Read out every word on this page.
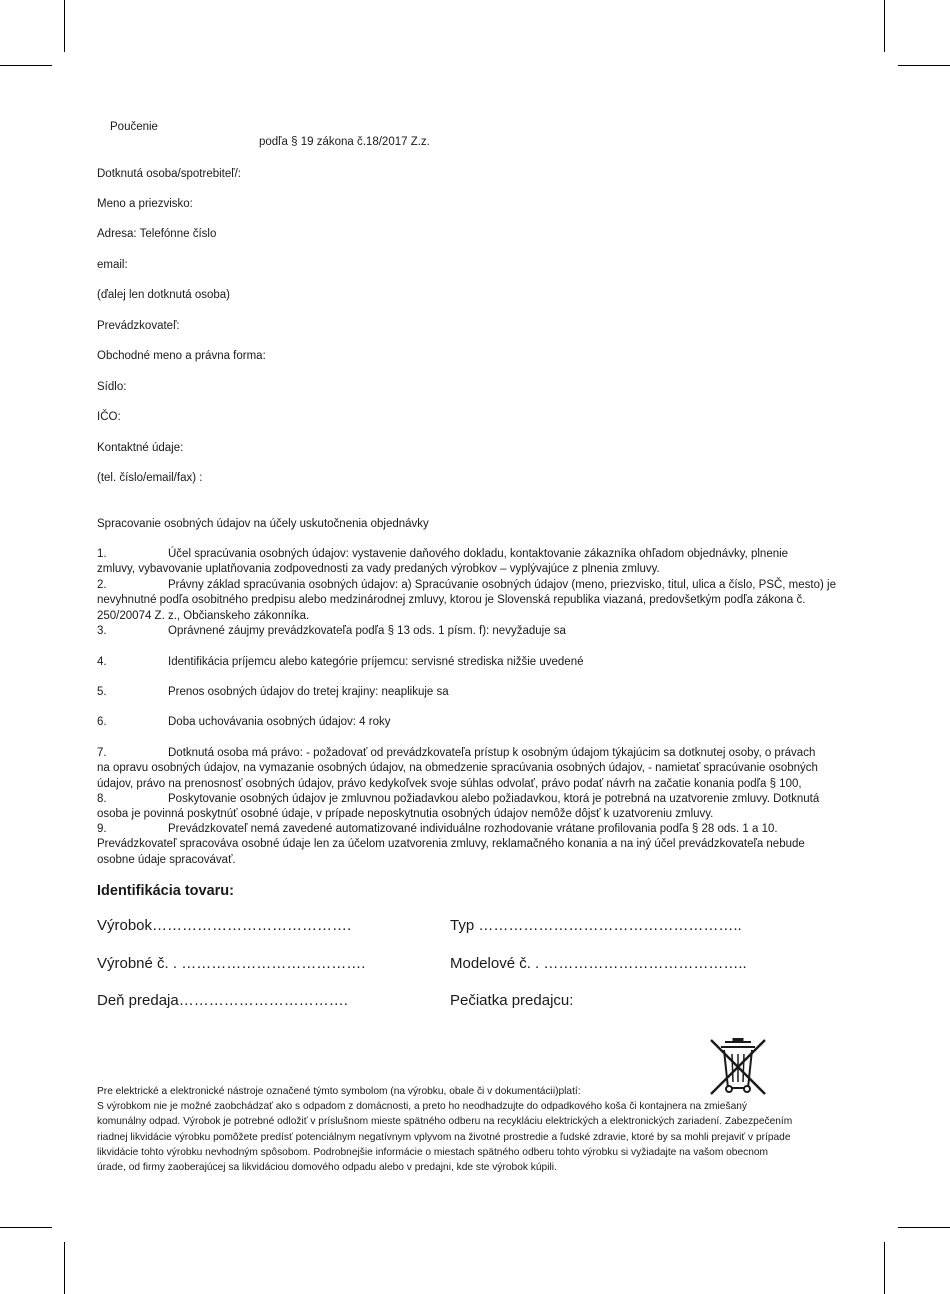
Poučenie
podľa § 19 zákona č.18/2017 Z.z.
Dotknutá osoba/spotrebiteľ/:
Meno a priezvisko:
Adresa: Telefónne číslo
email:
(ďalej len dotknutá osoba)
Prevádzkovateľ:
Obchodné meno a právna forma:
Sídlo:
IČO:
Kontaktné údaje:
(tel. číslo/email/fax) :
Spracovanie osobných údajov na účely uskutočnenia objednávky
1.	Účel spracúvania osobných údajov: vystavenie daňového dokladu, kontaktovanie zákazníka ohľadom objednávky, plnenie
zmluvy, vybavovanie uplatňovania zodpovednosti za vady predaných výrobkov – vyplývajúce z plnenia zmluvy.
2.	Právny základ spracúvania osobných údajov: a) Spracúvanie osobných údajov (meno, priezvisko, titul, ulica a číslo, PSČ, mesto) je
nevyhnutné podľa osobitného predpisu alebo medzinárodnej zmluvy, ktorou je Slovenská republika viazaná, predovšetkým podľa zákona č.
250/20074 Z. z., Občianskeho zákonníka.
3.	Oprávnené záujmy prevádzkovateľa podľa § 13 ods. 1 písm. f): nevyžaduje sa
4.	Identifikácia príjemcu alebo kategórie príjemcu: servisné strediska nižšie uvedené
5.	Prenos osobných údajov do tretej krajiny: neaplikuje sa
6.	Doba uchovávania osobných údajov: 4 roky
7.	Dotknutá osoba má právo: - požadovať od prevádzkovateľa prístup k osobným údajom týkajúcim sa dotknutej osoby, o právach
na opravu osobných údajov, na vymazanie osobných údajov, na obmedzenie spracúvania osobných údajov, - namietať spracúvanie osobných
údajov, právo na prenosnosť osobných údajov, právo kedykoľvek svoje súhlas odvolať, právo podať návrh na začatie konania podľa § 100,
8.	Poskytovanie osobných údajov je zmluvnou požiadavkou alebo požiadavkou, ktorá je potrebná na uzatvorenie zmluvy. Dotknutá
osoba je povinná poskytnúť osobné údaje, v prípade neposkytnutia osobných údajov nemôže dôjsť k uzatvoreniu zmluvy.
9.	Prevádzkovateľ nemá zavedené automatizované individuálne rozhodovanie vrátane profilovania podľa § 28 ods. 1 a 10.
Prevádzkovateľ spracováva osobné údaje len za účelom uzatvorenia zmluvy, reklamačného konania a na iný účel prevádzkovateľa nebude
osobne údaje spracovávať.
Identifikácia tovaru:
Výrobok………………………………….	Typ ……………………………………………..
Výrobné č. . ……………………………….	Modelové č. . …………………………………..
Deň predaja…………………………….	Pečiatka predajcu:
Pre elektrické a elektronické nástroje označené týmto symbolom (na výrobku, obale či v dokumentácii)platí:
S výrobkom nie je možné zaobchádzať ako s odpadom z domácnosti, a preto ho neodhadzujte do odpadkového koša či kontajnera na zmiešaný
komunálny odpad. Výrobok je potrebné odložiť v príslušnom mieste spätného odberu na recykláciu elektrických a elektronických zariadení. Zabezpečením
riadnej likvidácie výrobku pomôžete predísť potenciálnym negatívnym vplyvom na životné prostredie a ľudské zdravie, ktoré by sa mohli prejaviť v prípade
likvidácie tohto výrobku nevhodným spôsobom. Podrobnejšie informácie o miestach spätného odberu tohto výrobku si vyžiadajte na vašom obecnom
úrade, od firmy zaoberajúcej sa likvidáciou domového odpadu alebo v predajni, kde ste výrobok kúpili.
